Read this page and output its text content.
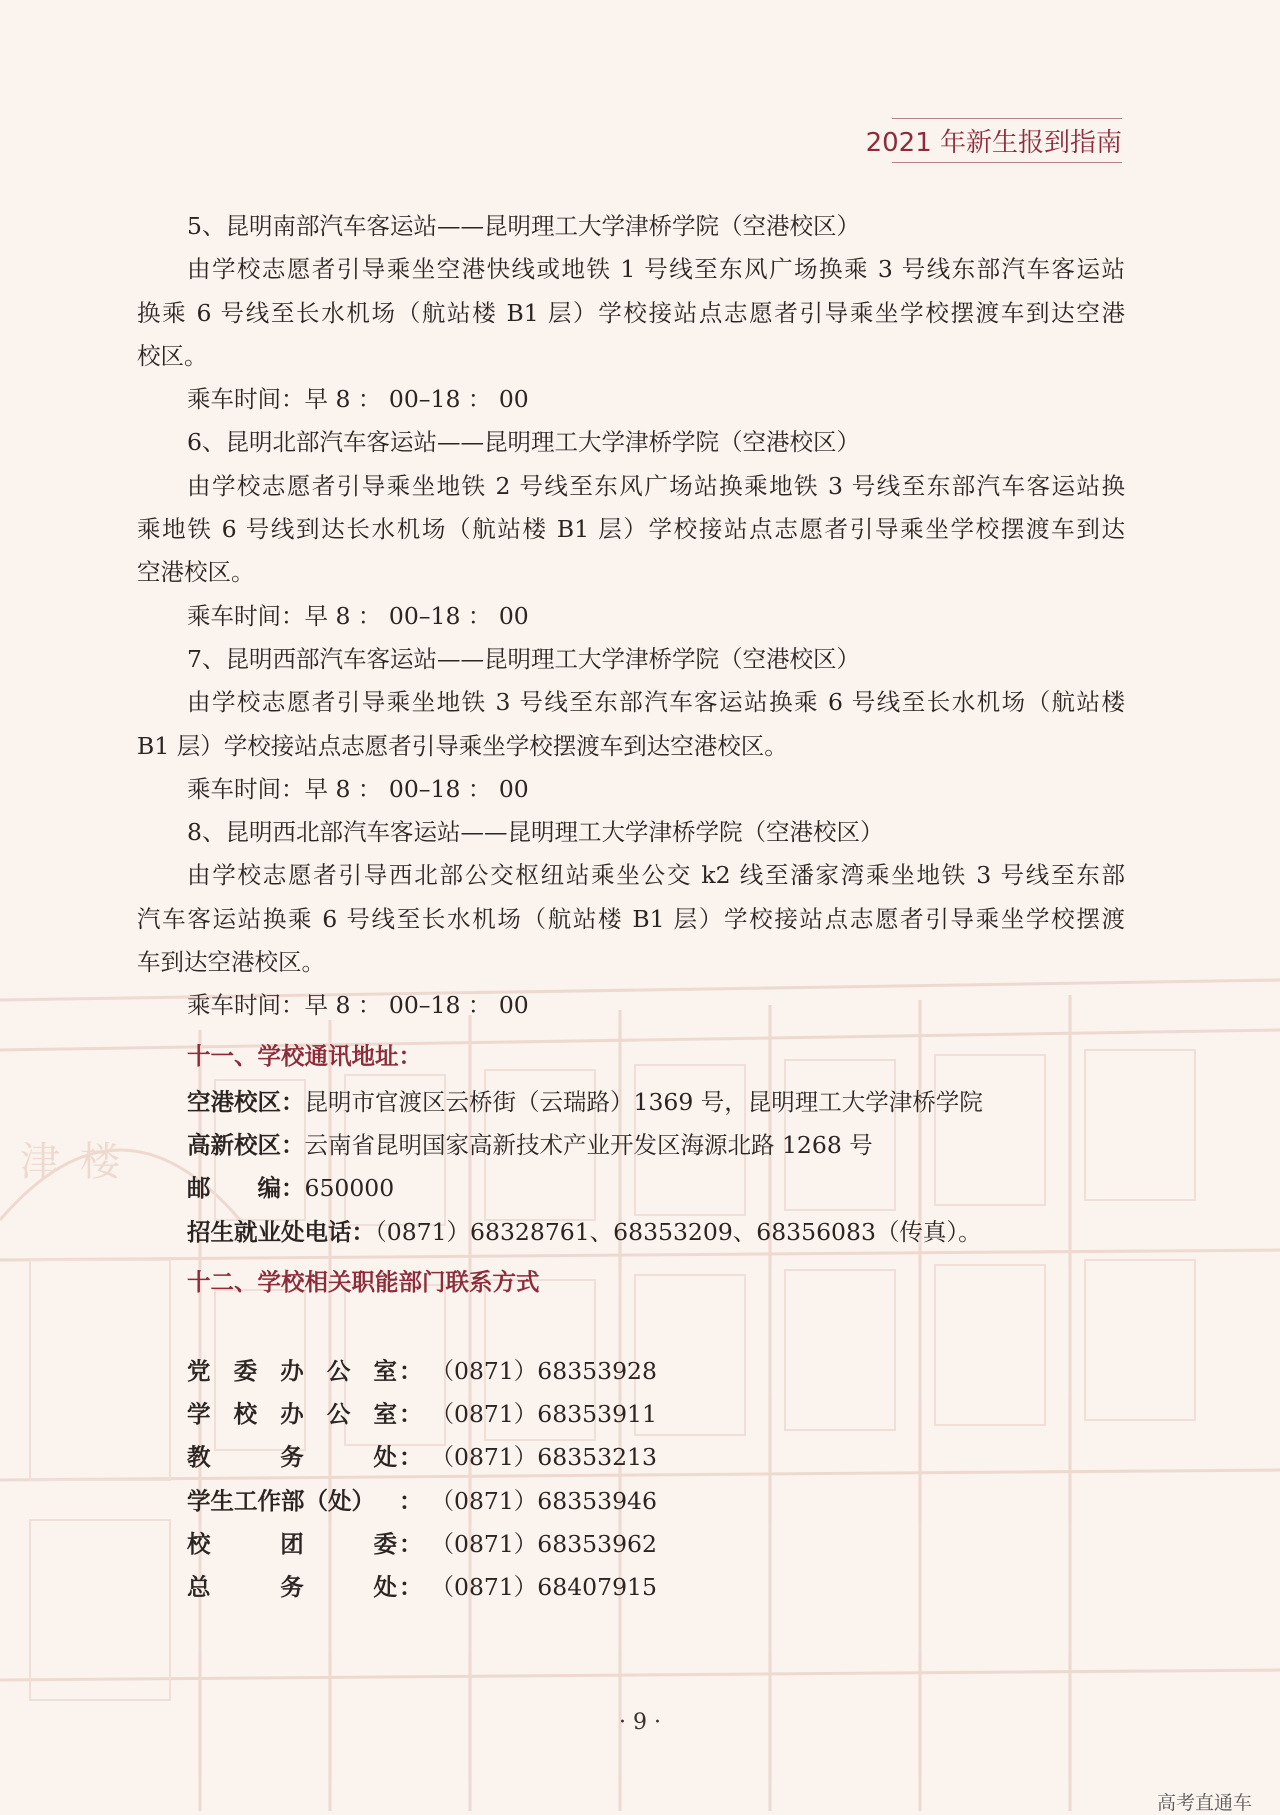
津 楼
2021 年新生报到指南
5、昆明南部汽车客运站——昆明理工大学津桥学院（空港校区）
由学校志愿者引导乘坐空港快线或地铁 1 号线至东风广场换乘 3 号线东部汽车客运站
换乘 6 号线至长水机场（航站楼 B1 层）学校接站点志愿者引导乘坐学校摆渡车到达空港
校区。
乘车时间：早 8 ： 00–18 ： 00
6、昆明北部汽车客运站——昆明理工大学津桥学院（空港校区）
由学校志愿者引导乘坐地铁 2 号线至东风广场站换乘地铁 3 号线至东部汽车客运站换
乘地铁 6 号线到达长水机场（航站楼 B1 层）学校接站点志愿者引导乘坐学校摆渡车到达
空港校区。
乘车时间：早 8 ： 00–18 ： 00
7、昆明西部汽车客运站——昆明理工大学津桥学院（空港校区）
由学校志愿者引导乘坐地铁 3 号线至东部汽车客运站换乘 6 号线至长水机场（航站楼
B1 层）学校接站点志愿者引导乘坐学校摆渡车到达空港校区。
乘车时间：早 8 ： 00–18 ： 00
8、昆明西北部汽车客运站——昆明理工大学津桥学院（空港校区）
由学校志愿者引导西北部公交枢纽站乘坐公交 k2 线至潘家湾乘坐地铁 3 号线至东部
汽车客运站换乘 6 号线至长水机场（航站楼 B1 层）学校接站点志愿者引导乘坐学校摆渡
车到达空港校区。
乘车时间：早 8 ： 00–18 ： 00
十一、学校通讯地址：
空港校区：昆明市官渡区云桥街（云瑞路）1369 号，昆明理工大学津桥学院
高新校区：云南省昆明国家高新技术产业开发区海源北路 1268 号
邮　　编：650000
招生就业处电话：（0871）68328761、68353209、68356083（传真）。
十二、学校相关职能部门联系方式
党 委 办 公 室 ： （0871）68353928
学 校 办 公 室 ： （0871）68353911
教	务	处 ： （0871）68353213
学生工作部（处） ： （0871）68353946
校	团	委 ： （0871）68353962
总	务	处 ： （0871）68407915
· 9 ·
高考直通车
